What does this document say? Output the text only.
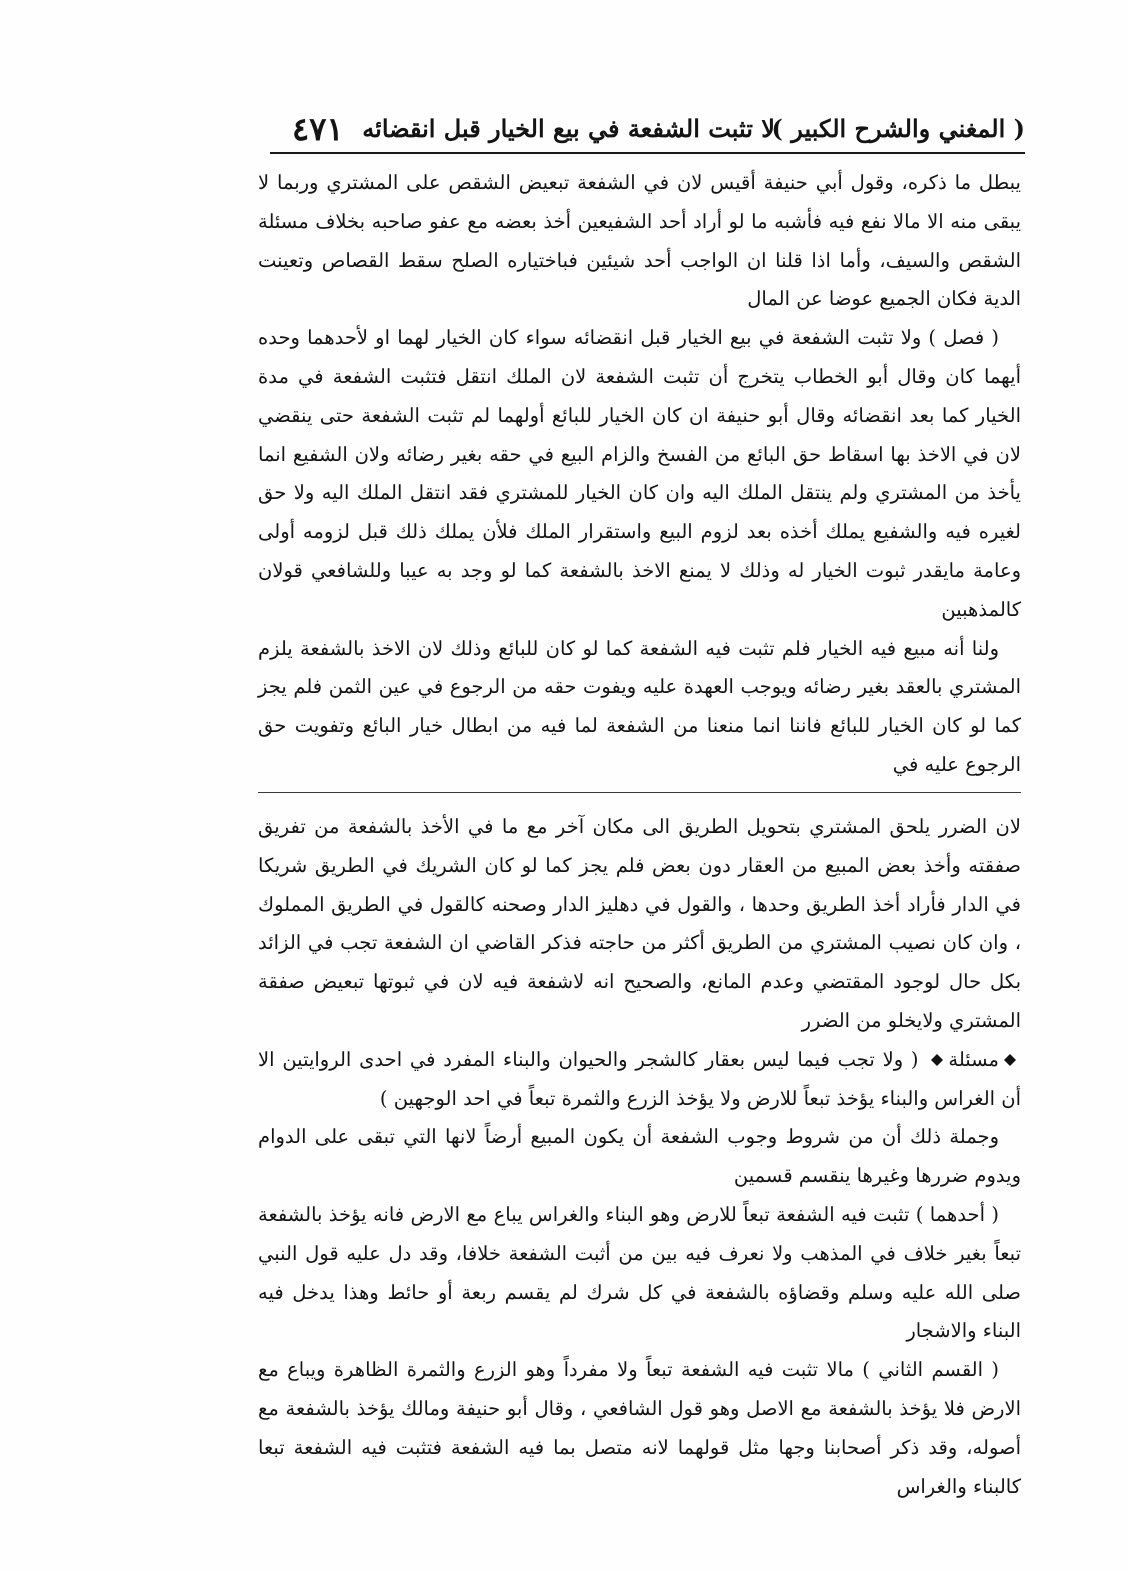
( المغني والشرح الكبير )
لا تثبت الشفعة في بيع الخيار قبل انقضائه
٤٧١

يبطل ما ذكره، وقول أبي حنيفة أقيس لان في الشفعة تبعيض الشقص على المشتري وربما لا يبقى منه الا مالا نفع فيه فأشبه ما لو أراد أحد الشفيعين أخذ بعضه مع عفو صاحبه بخلاف مسئلة الشقص والسيف، وأما اذا قلنا ان الواجب أحد شيئين فباختياره الصلح سقط القصاص وتعينت الدية فكان الجميع عوضا عن المال

( فصل ) ولا تثبت الشفعة في بيع الخيار قبل انقضائه سواء كان الخيار لهما او لأحدهما وحده أيهما كان وقال أبو الخطاب يتخرج أن تثبت الشفعة لان الملك انتقل فتثبت الشفعة في مدة الخيار كما بعد انقضائه وقال أبو حنيفة ان كان الخيار للبائع أولهما لم تثبت الشفعة حتى ينقضي لان في الاخذ بها اسقاط حق البائع من الفسخ والزام البيع في حقه بغير رضائه ولان الشفيع انما يأخذ من المشتري ولم ينتقل الملك اليه وان كان الخيار للمشتري فقد انتقل الملك اليه ولا حق لغيره فيه والشفيع يملك أخذه بعد لزوم البيع واستقرار الملك فلأن يملك ذلك قبل لزومه أولى وعامة مايقدر ثبوت الخيار له وذلك لا يمنع الاخذ بالشفعة كما لو وجد به عيبا وللشافعي قولان كالمذهبين

ولنا أنه مبيع فيه الخيار فلم تثبت فيه الشفعة كما لو كان للبائع وذلك لان الاخذ بالشفعة يلزم المشتري بالعقد بغير رضائه ويوجب العهدة عليه ويفوت حقه من الرجوع في عين الثمن فلم يجز كما لو كان الخيار للبائع فاننا انما منعنا من الشفعة لما فيه من ابطال خيار البائع وتفويت حق الرجوع عليه في

لان الضرر يلحق المشتري بتحويل الطريق الى مكان آخر مع ما في الأخذ بالشفعة من تفريق صفقته وأخذ بعض المبيع من العقار دون بعض فلم يجز كما لو كان الشريك في الطريق شريكا في الدار فأراد أخذ الطريق وحدها ، والقول في دهليز الدار وصحنه كالقول في الطريق المملوك ، وان كان نصيب المشتري من الطريق أكثر من حاجته فذكر القاضي ان الشفعة تجب في الزائد بكل حال لوجود المقتضي وعدم المانع، والصحيح انه لاشفعة فيه لان في ثبوتها تبعيض صفقة المشتري ولايخلو من الضرر

مسئلة
( ولا تجب فيما ليس بعقار كالشجر والحيوان والبناء المفرد في احدى الروايتين الا أن الغراس والبناء يؤخذ تبعاً للارض ولا يؤخذ الزرع والثمرة تبعاً في احد الوجهين )

وجملة ذلك أن من شروط وجوب الشفعة أن يكون المبيع أرضاً لانها التي تبقى على الدوام ويدوم ضررها وغيرها ينقسم قسمين

( أحدهما ) تثبت فيه الشفعة تبعاً للارض وهو البناء والغراس يباع مع الارض فانه يؤخذ بالشفعة تبعاً بغير خلاف في المذهب ولا نعرف فيه بين من أثبت الشفعة خلافا، وقد دل عليه قول النبي صلى الله عليه وسلم وقضاؤه بالشفعة في كل شرك لم يقسم ربعة أو حائط وهذا يدخل فيه البناء والاشجار

( القسم الثاني ) مالا تثبت فيه الشفعة تبعاً ولا مفرداً وهو الزرع والثمرة الظاهرة ويباع مع الارض فلا يؤخذ بالشفعة مع الاصل وهو قول الشافعي ، وقال أبو حنيفة ومالك يؤخذ بالشفعة مع أصوله، وقد ذكر أصحابنا وجها مثل قولهما لانه متصل بما فيه الشفعة فتثبت فيه الشفعة تبعا كالبناء والغراس
